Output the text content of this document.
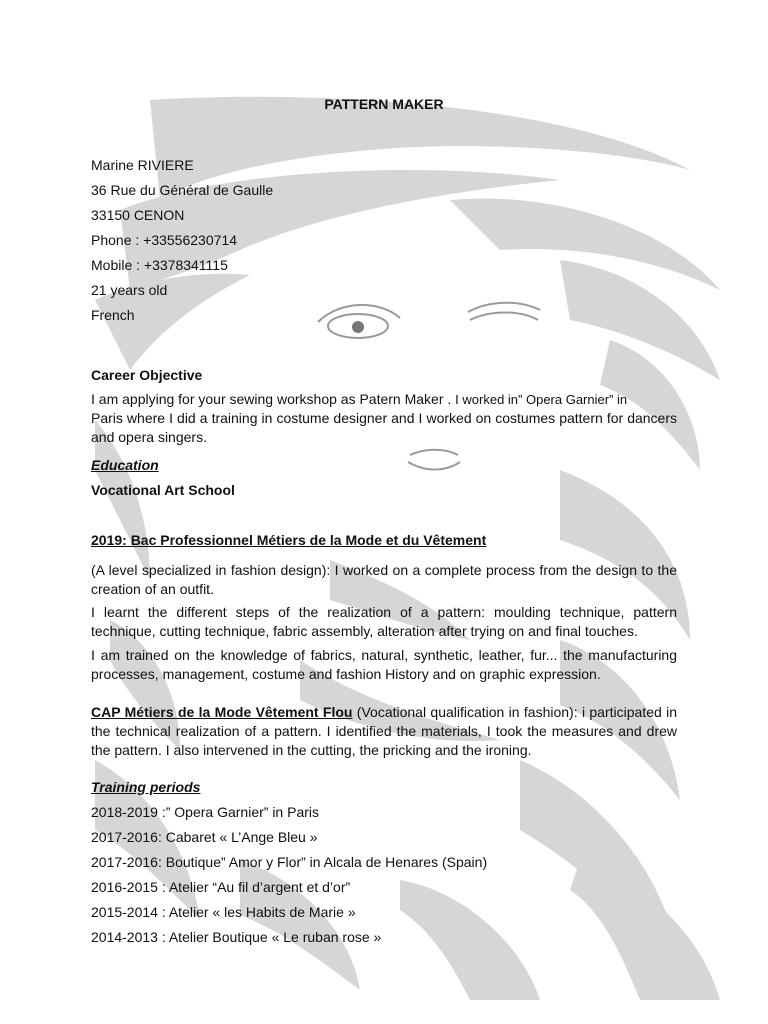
PATTERN MAKER
Marine RIVIERE
36 Rue du Général de Gaulle
33150 CENON
Phone : +33556230714
Mobile : +3378341115
21 years old
French
Career Objective
I am applying for your sewing workshop as Patern Maker . I worked in” Opera Garnier” in
Paris where I did a training in costume designer and I worked on costumes pattern for dancers and opera singers.
Education
Vocational Art School
2019: Bac Professionnel Métiers de la Mode et du Vêtement
(A level specialized in fashion design): I worked on a complete process from the design to the creation of an outfit.
I learnt the different steps of the realization of a pattern: moulding technique, pattern technique, cutting technique, fabric assembly, alteration after trying on and final touches.
I am trained on the knowledge of fabrics, natural, synthetic, leather, fur... the manufacturing processes, management, costume and fashion History and on graphic expression.
CAP Métiers de la Mode Vêtement Flou (Vocational qualification in fashion): i participated in the technical realization of a pattern. I identified the materials, I took the measures and drew the pattern. I also intervened in the cutting, the pricking and the ironing.
Training periods
2018-2019 :” Opera Garnier” in Paris
2017-2016: Cabaret « L’Ange Bleu »
2017-2016: Boutique” Amor y Flor” in Alcala de Henares (Spain)
2016-2015 : Atelier “Au fil d’argent et d’or”
2015-2014 : Atelier « les Habits de Marie »
2014-2013 : Atelier Boutique « Le ruban rose »
